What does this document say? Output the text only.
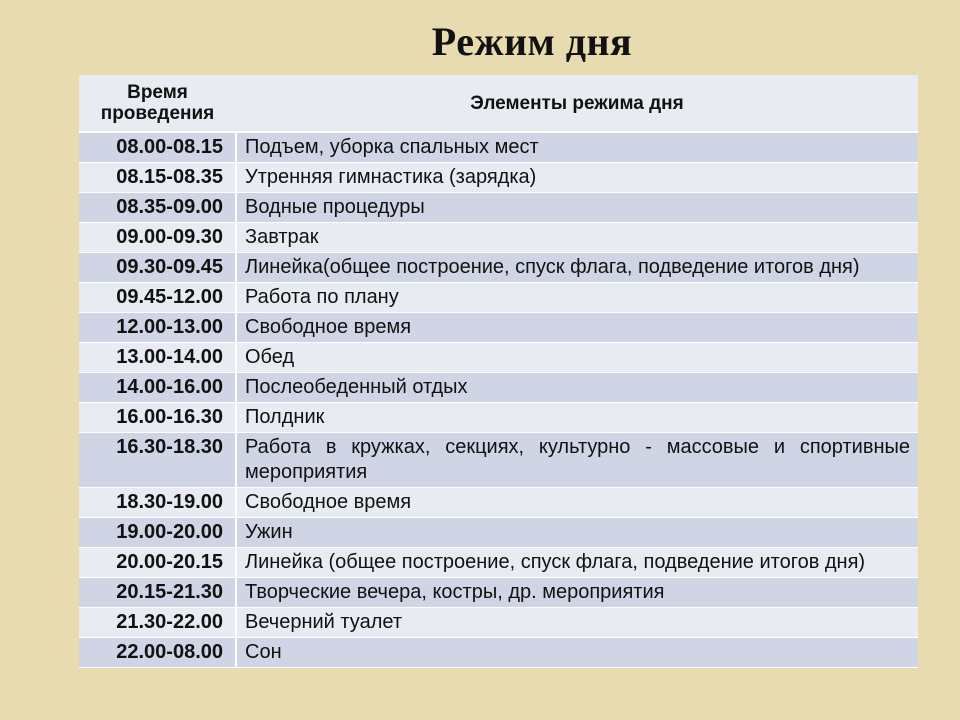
Режим дня
Время
проведения	Элементы режима дня
08.00-08.15	Подъем, уборка спальных мест
08.15-08.35	Утренняя гимнастика (зарядка)
08.35-09.00	Водные процедуры
09.00-09.30	Завтрак
09.30-09.45	Линейка(общее построение, спуск флага, подведение итогов дня)
09.45-12.00	Работа по плану
12.00-13.00	Свободное время
13.00-14.00	Обед
14.00-16.00	Послеобеденный отдых
16.00-16.30	Полдник
16.30-18.30	Работа в кружках, секциях, культурно - массовые и спортивные мероприятия
18.30-19.00	Свободное время
19.00-20.00	Ужин
20.00-20.15	Линейка (общее построение, спуск флага, подведение итогов дня)
20.15-21.30	Творческие вечера, костры, др. мероприятия
21.30-22.00	Вечерний туалет
22.00-08.00	Сон
